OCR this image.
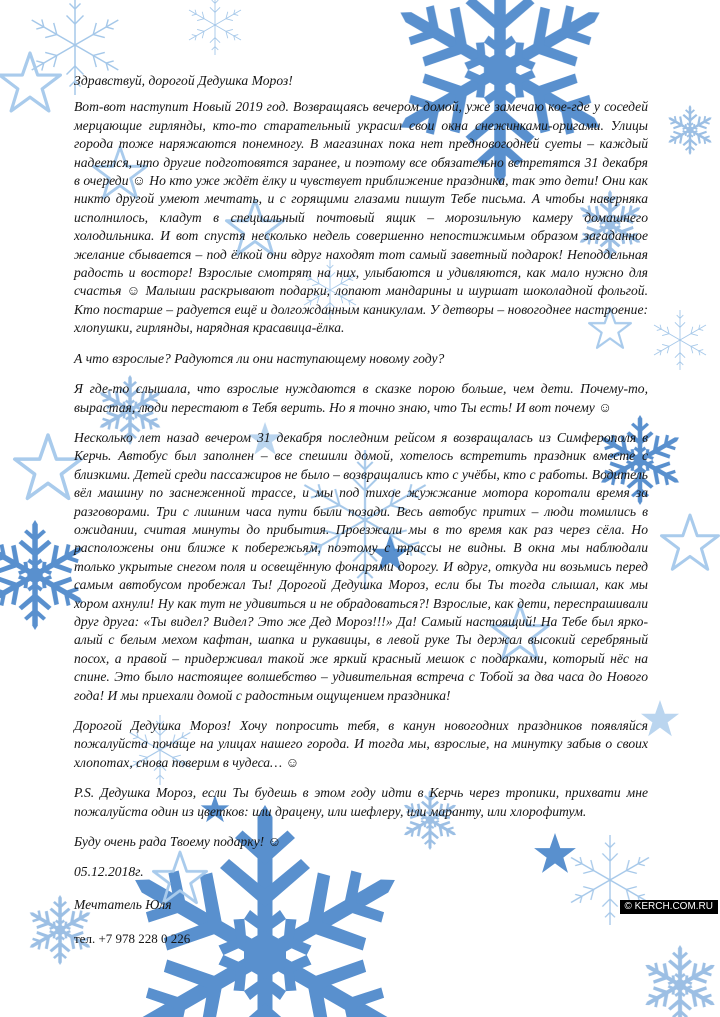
Здравствуй, дорогой Дедушка Мороз!

Вот-вот наступит Новый 2019 год. Возвращаясь вечером домой, уже замечаю кое-где у соседей мерцающие гирлянды, кто-то старательный украсил свои окна снежинками-оригами. Улицы города тоже наряжаются понемногу. В магазинах пока нет предновогодней суеты – каждый надеется, что другие подготовятся заранее, и поэтому все обязательно встретятся 31 декабря в очереди ☺ Но кто уже ждёт ёлку и чувствует приближение праздника, так это дети! Они как никто другой умеют мечтать, и с горящими глазами пишут Тебе письма. А чтобы наверняка исполнилось, кладут в специальный почтовый ящик – морозильную камеру домашнего холодильника. И вот спустя несколько недель совершенно непостижимым образом загаданное желание сбывается – под ёлкой они вдруг находят тот самый заветный подарок! Неподдельная радость и восторг! Взрослые смотрят на них, улыбаются и удивляются, как мало нужно для счастья ☺ Малыши раскрывают подарки, лопают мандарины и шуршат шоколадной фольгой. Кто постарше – радуется ещё и долгожданным каникулам. У детворы – новогоднее настроение: хлопушки, гирлянды, нарядная красавица-ёлка.

А что взрослые? Радуются ли они наступающему новому году?

Я где-то слышала, что взрослые нуждаются в сказке порою больше, чем дети. Почему-то, вырастая, люди перестают в Тебя верить. Но я точно знаю, что Ты есть! И вот почему ☺

Несколько лет назад вечером 31 декабря последним рейсом я возвращалась из Симферополя в Керчь. Автобус был заполнен – все спешили домой, хотелось встретить праздник вместе с близкими. Детей среди пассажиров не было – возвращались кто с учёбы, кто с работы. Водитель вёл машину по заснеженной трассе, и мы под тихое жужжание мотора коротали время за разговорами. Три с лишним часа пути были позади. Весь автобус притих – люди томились в ожидании, считая минуты до прибытия. Проезжали мы в то время как раз через сёла. Но расположены они ближе к побережьям, поэтому с трассы не видны. В окна мы наблюдали только укрытые снегом поля и освещённую фонарями дорогу. И вдруг, откуда ни возьмись перед самым автобусом пробежал Ты! Дорогой Дедушка Мороз, если бы Ты тогда слышал, как мы хором ахнули! Ну как тут не удивиться и не обрадоваться?! Взрослые, как дети, переспрашивали друг друга: «Ты видел? Видел? Это же Дед Мороз!!!» Да! Самый настоящий! На Тебе был ярко-алый с белым мехом кафтан, шапка и рукавицы, в левой руке Ты держал высокий серебряный посох, а правой – придерживал такой же яркий красный мешок с подарками, который нёс на спине. Это было настоящее волшебство – удивительная встреча с Тобой за два часа до Нового года! И мы приехали домой с радостным ощущением праздника!

Дорогой Дедушка Мороз! Хочу попросить тебя, в канун новогодних праздников появляйся пожалуйста почаще на улицах нашего города. И тогда мы, взрослые, на минутку забыв о своих хлопотах, снова поверим в чудеса… ☺

P.S. Дедушка Мороз, если Ты будешь в этом году идти в Керчь через тропики, прихвати мне пожалуйста один из цветков: или драцену, или шефлеру, или маранту, или хлорофитум.

Буду очень рада Твоему подарку! ☺

05.12.2018г.

Мечтатель Юля

тел. +7 978 228 0 226

© KERCH.COM.RU
